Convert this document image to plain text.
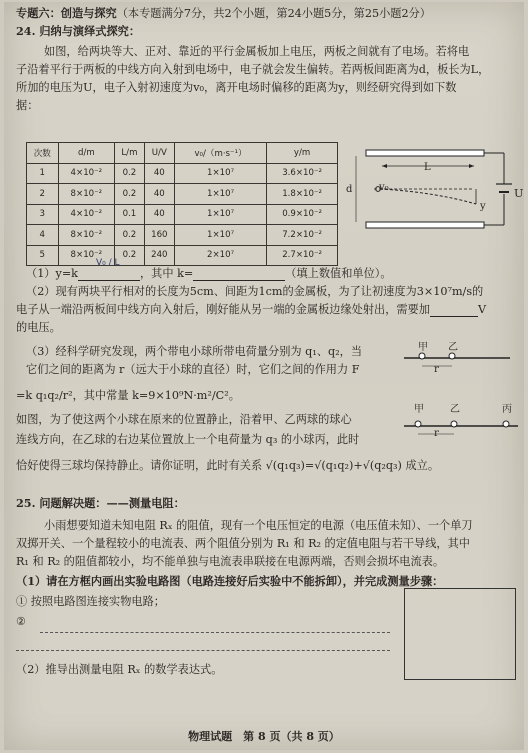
专题六：创造与探究（本专题满分7分，共2个小题，第24小题5分，第25小题2分）
24. 归纳与演绎式探究：
如图，给两块等大、正对、靠近的平行金属板加上电压，两板之间就有了电场。若将电
子沿着平行于两板的中线方向入射到电场中，电子就会发生偏转。若两板间距离为d，板长为L，
所加的电压为U，电子入射初速度为v₀，离开电场时偏移的距离为y，则经研究得到如下数
据：
次数	d/m	L/m	U/V	v₀/（m·s⁻¹）	y/m
1	4×10⁻²	0.2	40	1×10⁷	3.6×10⁻²
2	8×10⁻²	0.2	40	1×10⁷	1.8×10⁻²
3	4×10⁻²	0.1	40	1×10⁷	0.9×10⁻²
4	8×10⁻²	0.2	160	1×10⁷	7.2×10⁻²
5	8×10⁻²	0.2	240	2×10⁷	2.7×10⁻²
L
d	v₀
y
U
（1）y=k	，其中 k=	（填上数值和单位）。
V₀ / L
（2）现有两块平行相对的长度为5cm、间距为1cm的金属板，为了让初速度为3×10⁷m/s的
电子从一端沿两板间中线方向入射后，刚好能从另一端的金属板边缘处射出，需要加	V
的电压。
（3）经科学研究发现，两个带电小球所带电荷量分别为 q₁、q₂，当
它们之间的距离为 r（远大于小球的直径）时，它们之间的作用力 F
=k q₁q₂/r²，其中常量 k=9×10⁹N·m²/C²。
如图，为了使这两个小球在原来的位置静止，沿着甲、乙两球的球心
连线方向，在乙球的右边某位置放上一个电荷量为 q₃ 的小球丙，此时
恰好使得三球均保持静止。请你证明，此时有关系 √(q₁q₃)=√(q₁q₂)+√(q₂q₃) 成立。
甲 乙
r
甲	乙	丙
r
25. 问题解决题：——测量电阻：
小雨想要知道未知电阻 Rₓ 的阻值，现有一个电压恒定的电源（电压值未知）、一个单刀
双掷开关、一个量程较小的电流表、两个阻值分别为 R₁ 和 R₂ 的定值电阻与若干导线，其中
R₁ 和 R₂ 的阻值都较小，均不能单独与电流表串联接在电源两端，否则会损坏电流表。
（1）请在方框内画出实验电路图（电路连接好后实验中不能拆卸），并完成测量步骤：
① 按照电路图连接实物电路；
②
（2）推导出测量电阻 Rₓ 的数学表达式。
物理试题　第 8 页（共 8 页）
